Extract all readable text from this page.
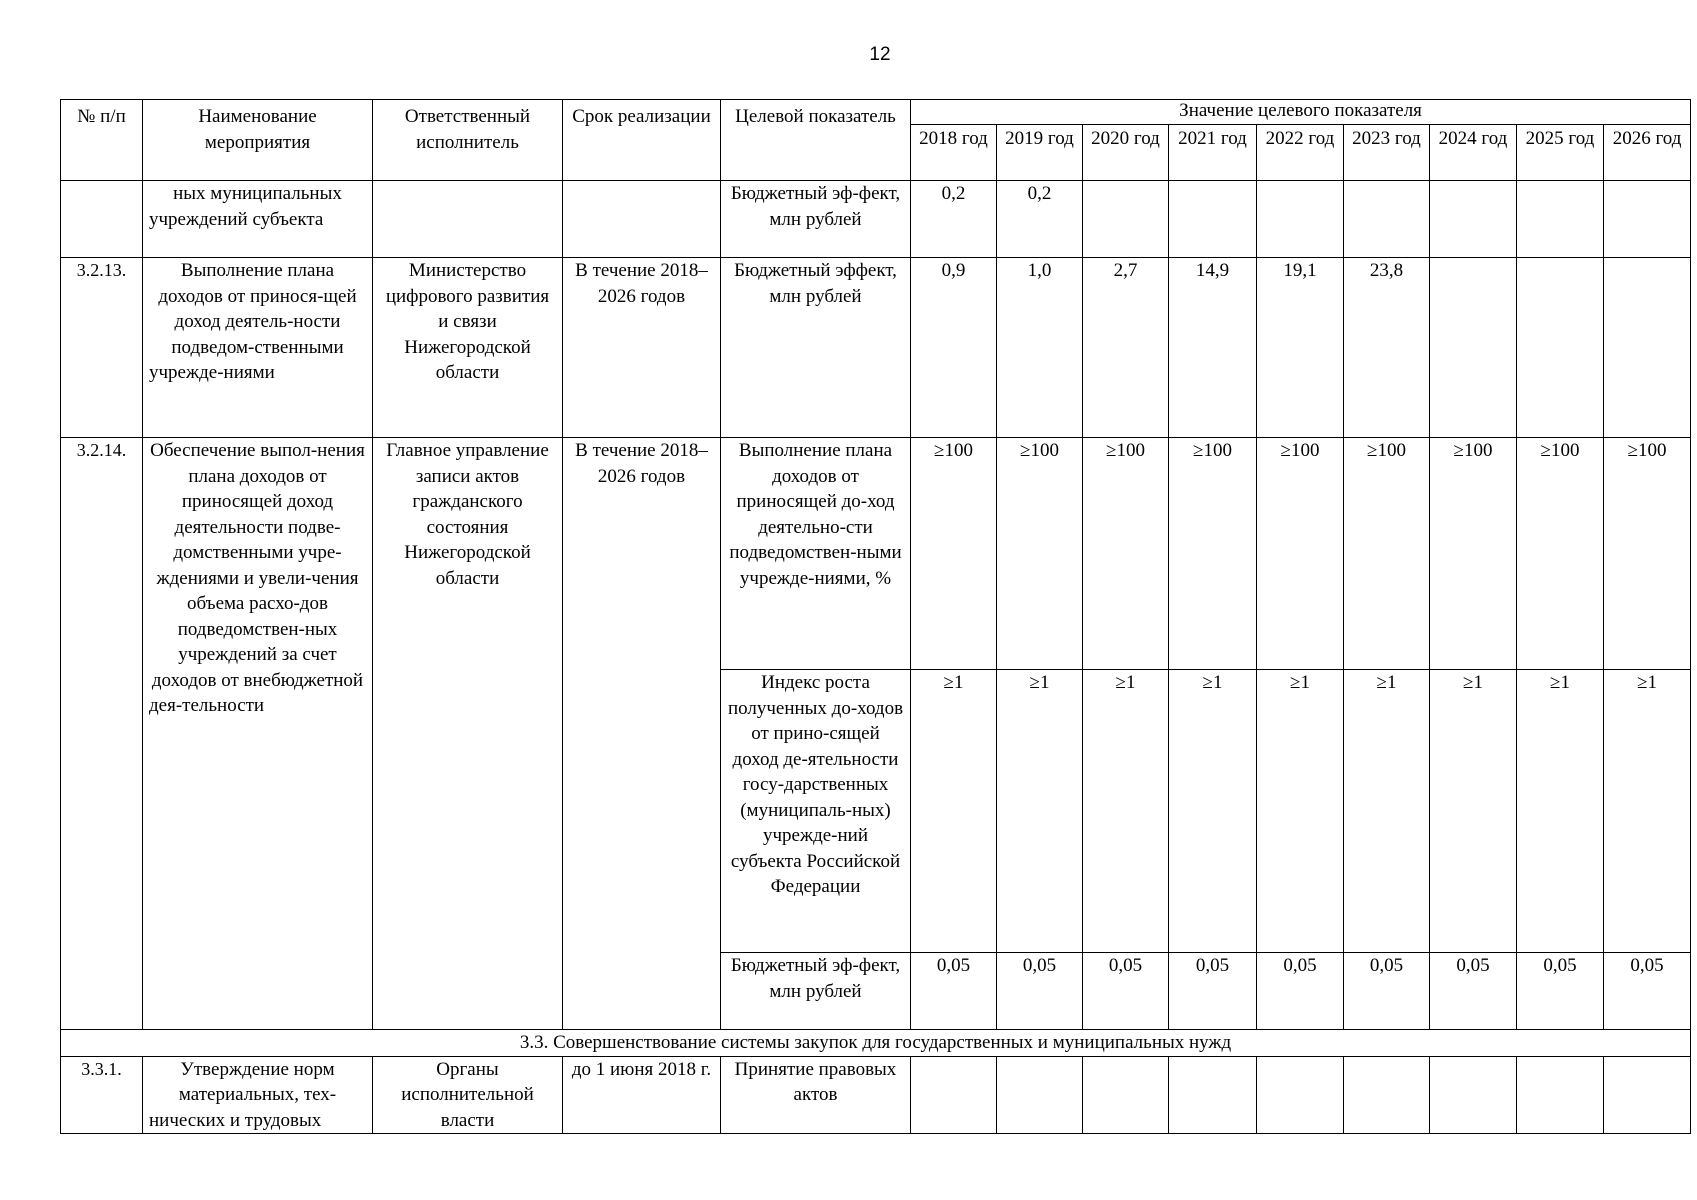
12
№ п/п	Наименование мероприятия	Ответственный исполнитель	Срок реализации	Целевой показатель	Значение целевого показателя								
					2018 год	2019 год	2020 год	2021 год	2022 год	2023 год	2024 год	2025 год	2026 год
	ных муниципальных учреждений субъекта			Бюджетный эф-фект, млн рублей	0,2	0,2							
3.2.13.	Выполнение плана доходов от принося-щей доход деятель-ности подведом-ственными учрежде-ниями	Министерство цифрового развития и связи Нижегородской области	В течение 2018–2026 годов	Бюджетный эффект, млн рублей	0,9	1,0	2,7	14,9	19,1	23,8			
3.2.14.	Обеспечение выпол-нения плана доходов от приносящей доход деятельности подве-домственными учре-ждениями и увели-чения объема расхо-дов подведомствен-ных учреждений за счет доходов от внебюджетной дея-тельности	Главное управление записи актов гражданского состояния Нижегородской области	В течение 2018–2026 годов	Выполнение плана доходов от приносящей до-ход деятельно-сти подведомствен-ными учрежде-ниями, %	≥100	≥100	≥100	≥100	≥100	≥100	≥100	≥100	≥100
				Индекс роста полученных до-ходов от прино-сящей доход де-ятельности госу-дарственных (муниципаль-ных) учрежде-ний субъекта Российской Федерации	≥1	≥1	≥1	≥1	≥1	≥1	≥1	≥1	≥1
				Бюджетный эф-фект, млн рублей	0,05	0,05	0,05	0,05	0,05	0,05	0,05	0,05	0,05
3.3. Совершенствование системы закупок для государственных и муниципальных нужд													
3.3.1.	Утверждение норм материальных, тех-нических и трудовых	Органы исполнительной власти	до 1 июня 2018 г.	Принятие правовых актов									
